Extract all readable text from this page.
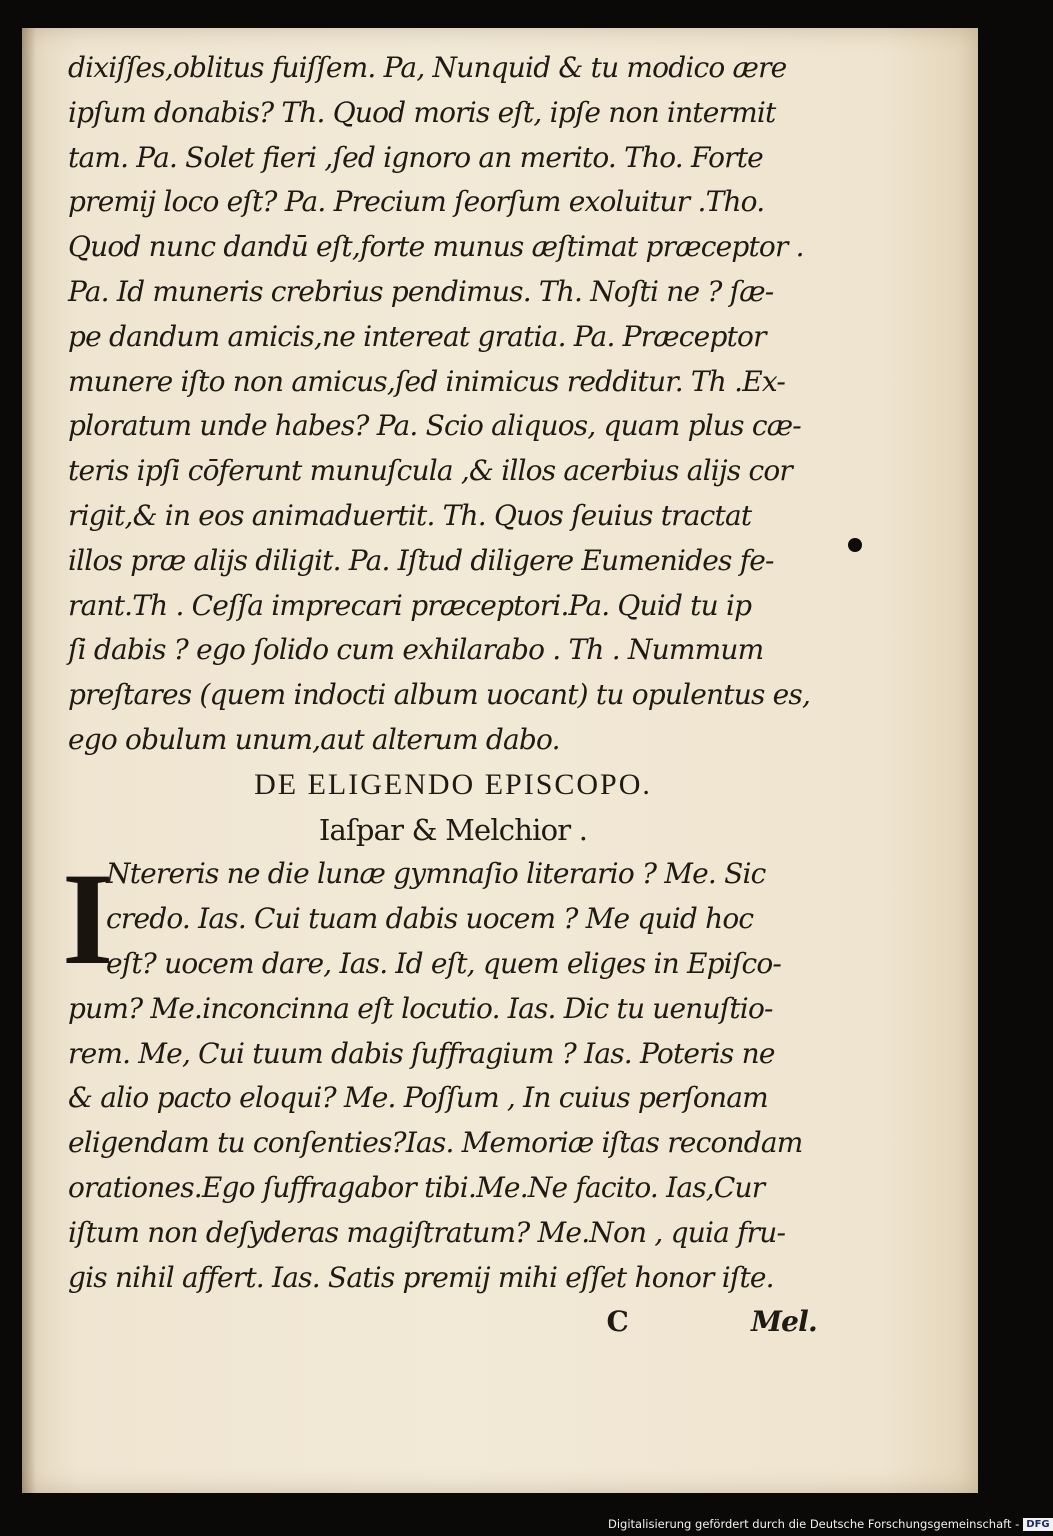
dixiſſes,oblitus fuiſſem. Pa, Nunquid & tu modico ære
ipſum donabis? Th. Quod moris eſt, ipſe non intermit
tam. Pa. Solet fieri ,ſed ignoro an merito. Tho. Forte
premij loco eſt? Pa. Precium ſeorſum exoluitur .Tho.
Quod nunc dandū eſt,forte munus æſtimat præceptor .
Pa. Id muneris crebrius pendimus. Th. Noſti ne ? ſæ-
pe dandum amicis,ne intereat gratia. Pa. Præceptor
munere iſto non amicus,ſed inimicus redditur. Th .Ex-
ploratum unde habes? Pa. Scio aliquos, quam plus cæ-
teris ipſi cōferunt munuſcula ,& illos acerbius alijs cor
rigit,& in eos animaduertit. Th. Quos ſeuius tractat
illos præ alijs diligit. Pa. Iſtud diligere Eumenides fe-
rant.Th . Ceſſa imprecari præceptori.Pa. Quid tu ip
ſi dabis ? ego ſolido cum exhilarabo . Th . Nummum
preſtares (quem indocti album uocant) tu opulentus es,
ego obulum unum,aut alterum dabo.
DE ELIGENDO EPISCOPO.
Iaſpar & Melchior .
I
Ntereris ne die lunæ gymnaſio literario ? Me. Sic
credo. Ias. Cui tuam dabis uocem ? Me quid hoc
eſt? uocem dare, Ias. Id eſt, quem eliges in Epiſco-
pum? Me.inconcinna eſt locutio. Ias. Dic tu uenuſtio-
rem. Me, Cui tuum dabis ſuffragium ? Ias. Poteris ne
& alio pacto eloqui? Me. Poſſum , In cuius perſonam
eligendam tu conſenties?Ias. Memoriæ iſtas recondam
orationes.Ego ſuffragabor tibi.Me.Ne facito. Ias,Cur
iſtum non deſyderas magiſtratum? Me.Non , quia fru-
gis nihil affert. Ias. Satis premij mihi eſſet honor iſte.
C	Mel.
Digitalisierung gefördert durch die Deutsche Forschungsgemeinschaft - DFG
